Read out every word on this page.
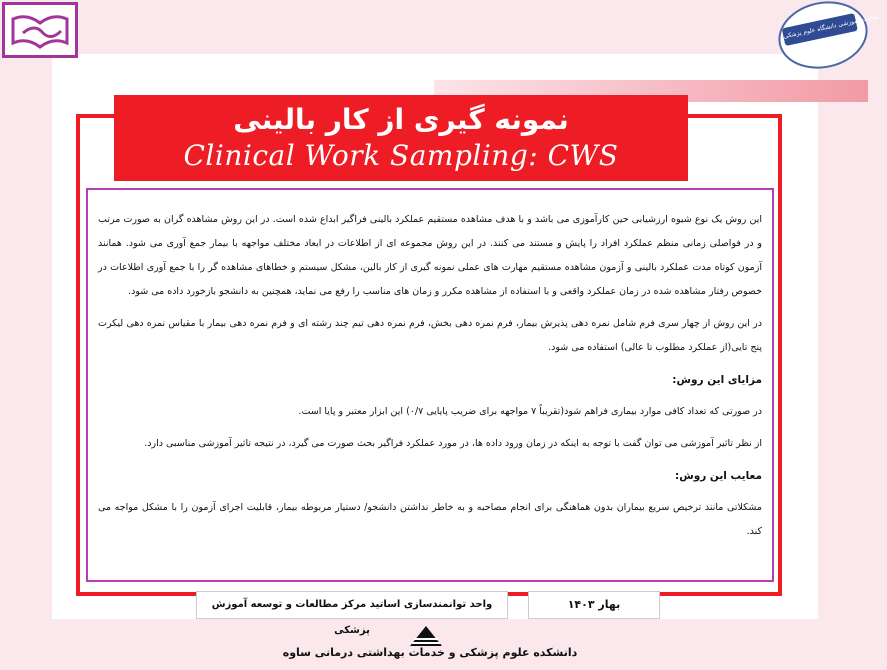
معاونت آموزشی دانشگاه علوم پزشکی
نمونه گیری از کار بالینی
Clinical Work Sampling: CWS

این روش یک نوع شیوه ارزشیابی حین کارآموزی می باشد و با هدف مشاهده مستقیم عملکرد بالینی فراگیر ابداع شده است. در این روش مشاهده گران به صورت مرتب و در فواصلی زمانی منظم عملکرد افراد را پایش و مستند می کنند. در این روش مجموعه ای از اطلاعات در ابعاد مختلف مواجهه با بیمار جمع آوری می شود. همانند آزمون کوتاه مدت عملکرد بالینی و آزمون مشاهده مستقیم مهارت های عملی نمونه گیری از کار بالین، مشکل سیستم و خطاهای مشاهده گر را با جمع آوری اطلاعات در خصوص رفتار مشاهده شده در زمان عملکرد واقعی و با استفاده از مشاهده مکرر و زمان های مناسب را رفع می نماید، همچنین به دانشجو بازخورد داده می شود.

در این روش از چهار سری فرم شامل نمره دهی پذیرش بیمار، فرم نمره دهی بخش، فرم نمره دهی تیم چند رشته ای و فرم نمره دهی بیمار با مقیاس نمره دهی لیکرت پنج تایی(از عملکرد مطلوب تا عالی) استفاده می شود.

مزایای این روش:

در صورتی که تعداد کافی موارد بیماری فراهم شود(تقریباً ۷ مواجهه برای ضریب پایایی ۰/۷) این ابزار معتبر و پایا است.

از نظر تاثیر آموزشی می توان گفت با توجه به اینکه در زمان ورود داده ها، در مورد عملکرد فراگیر بحث صورت می گیرد، در نتیجه تاثیر آموزشی مناسبی دارد.

معایب این روش:

مشکلاتی مانند ترخیص سریع بیماران بدون هماهنگی برای انجام مصاحبه و به خاطر نداشتن دانشجو/ دستیار مربوطه بیمار، قابلیت اجرای آزمون را با مشکل مواجه می کند.

واحد توانمندسازی اساتید مرکز مطالعات و توسعه آموزش پزشکی
بهار ۱۴۰۳
دانشکده علوم پزشکی و خدمات بهداشتی درمانی ساوه
